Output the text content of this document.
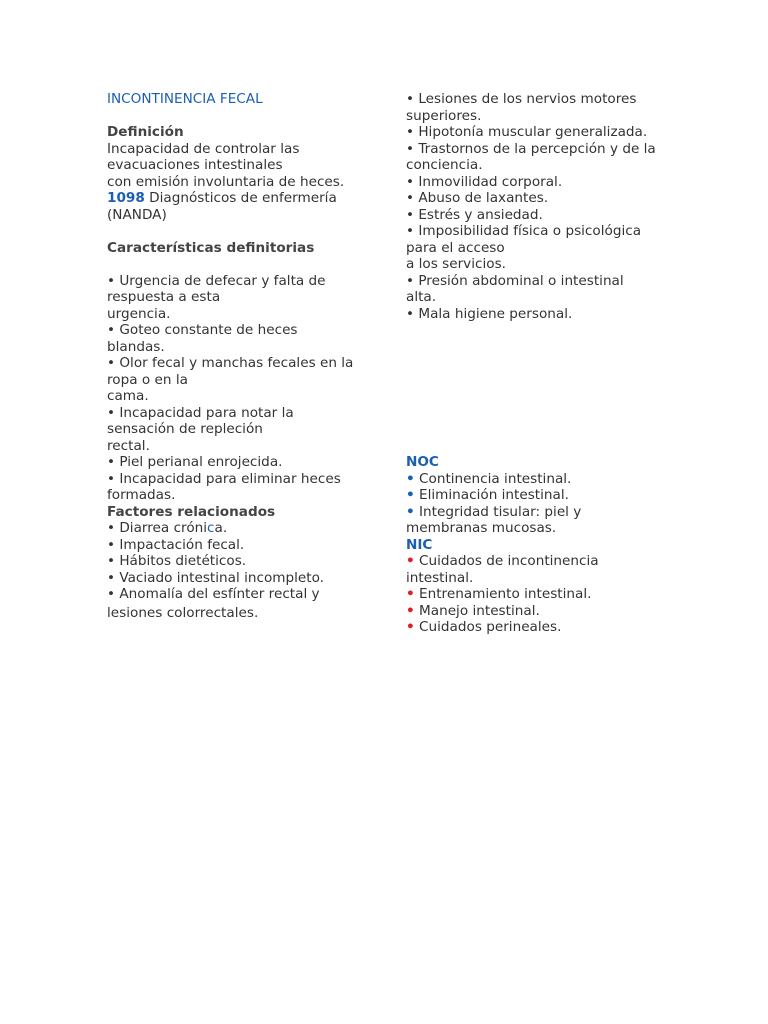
INCONTINENCIA FECAL
Definición
Incapacidad de controlar las
evacuaciones intestinales
con emisión involuntaria de heces.
1098 Diagnósticos de enfermería
(NANDA)
Características definitorias
• Urgencia de defecar y falta de
respuesta a esta
urgencia.
• Goteo constante de heces
blandas.
• Olor fecal y manchas fecales en la
ropa o en la
cama.
• Incapacidad para notar la
sensación de repleción
rectal.
• Piel perianal enrojecida.
• Incapacidad para eliminar heces
formadas.
Factores relacionados
• Diarrea crónica.
• Impactación fecal.
• Hábitos dietéticos.
• Vaciado intestinal incompleto.
• Anomalía del esfínter rectal y
lesiones colorrectales.
• Lesiones de los nervios motores
superiores.
• Hipotonía muscular generalizada.
• Trastornos de la percepción y de la
conciencia.
• Inmovilidad corporal.
• Abuso de laxantes.
• Estrés y ansiedad.
• Imposibilidad física o psicológica
para el acceso
a los servicios.
• Presión abdominal o intestinal
alta.
• Mala higiene personal.
NOC
• Continencia intestinal.
• Eliminación intestinal.
• Integridad tisular: piel y
membranas mucosas.
NIC
• Cuidados de incontinencia
intestinal.
• Entrenamiento intestinal.
• Manejo intestinal.
• Cuidados perineales.
